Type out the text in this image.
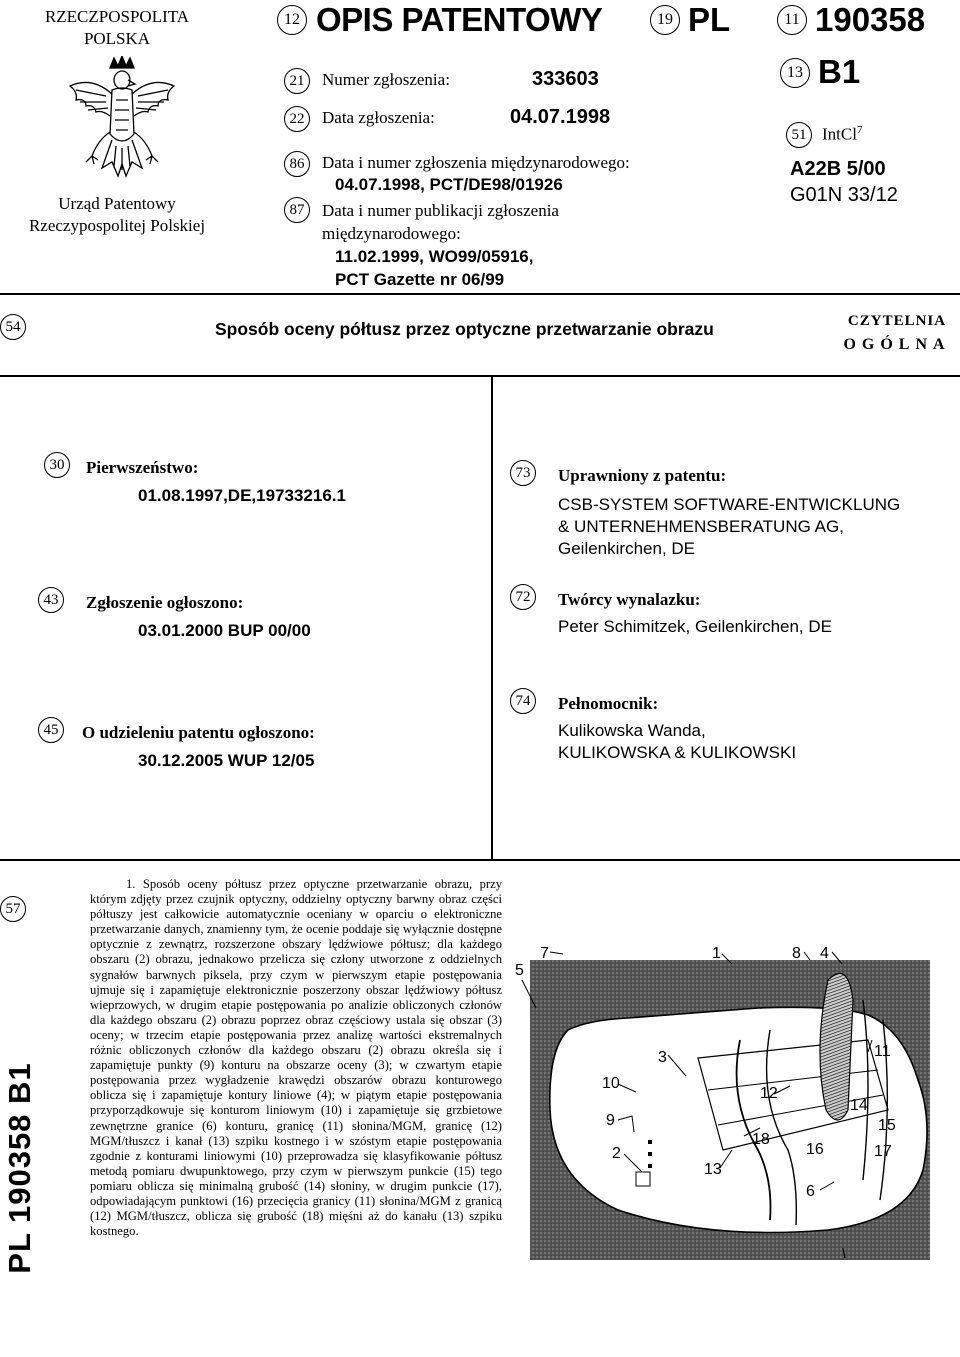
RZECZPOSPOLITA
POLSKA
Urząd Patentowy
Rzeczypospolitej Polskiej
12 OPIS PATENTOWY	19 PL	11 190358
21	Numer zgłoszenia:	333603
22	Data zgłoszenia:	04.07.1998
86	Data i numer zgłoszenia międzynarodowego:
04.07.1998, PCT/DE98/01926
87	Data i numer publikacji zgłoszenia
międzynarodowego:
11.02.1999, WO99/05916,
PCT Gazette nr 06/99
13 B1
51 IntCl$^7$
A22B 5/00
G01N 33/12
54	Sposób oceny półtusz przez optyczne przetwarzanie obrazu	CZYTELNIA
OGÓLNA
30	Pierwszeństwo:
01.08.1997,DE,19733216.1
43	Zgłoszenie ogłoszono:
03.01.2000 BUP 00/00
45	O udzieleniu patentu ogłoszono:
30.12.2005 WUP 12/05
73	Uprawniony z patentu:
CSB-SYSTEM SOFTWARE-ENTWICKLUNG
& UNTERNEHMENSBERATUNG AG,
Geilenkirchen, DE
72	Twórcy wynalazku:
Peter Schimitzek, Geilenkirchen, DE
74	Pełnomocnik:
Kulikowska Wanda,
KULIKOWSKA & KULIKOWSKI
57
PL 190358 B1

1. Sposób oceny półtusz przez optyczne przetwarzanie obrazu, przy którym zdjęty przez czujnik optyczny, oddzielny optyczny barwny obraz części półtuszy jest całkowicie automatycznie oceniany w oparciu o elektroniczne przetwarzanie danych, znamienny tym, że ocenie poddaje się wyłącznie dostępne optycznie z zewnątrz, rozszerzone obszary lędźwiowe półtusz; dla każdego obszaru (2) obrazu, jednakowo przelicza się człony utworzone z oddzielnych sygnałów barwnych piksela, przy czym w pierwszym etapie postępowania ujmuje się i zapamiętuje elektronicznie poszerzony obszar lędźwiowy półtusz wieprzowych, w drugim etapie postępowania po analizie obliczonych członów dla każdego obszaru (2) obrazu poprzez obraz częściowy ustala się obszar (3) oceny; w trzecim etapie postępowania przez analizę wartości ekstremalnych różnic obliczonych członów dla każdego obszaru (2) obrazu określa się i zapamiętuje punkty (9) konturu na obszarze oceny (3); w czwartym etapie postępowania przez wygładzenie krawędzi obszarów obrazu konturowego oblicza się i zapamiętuje kontury liniowe (4); w piątym etapie postępowania przyporządkowuje się konturom liniowym (10) i zapamiętuje się grzbietowe zewnętrzne granice (6) konturu, granicę (11) słonina/MGM, granicę (12) MGM/tłuszcz i kanał (13) szpiku kostnego i w szóstym etapie postępowania zgodnie z konturami liniowymi (10) przeprowadza się klasyfikowanie półtusz metodą pomiaru dwupunktowego, przy czym w pierwszym punkcie (15) tego pomiaru oblicza się minimalną grubość (14) słoniny, w drugim punkcie (17), odpowiadającym punktowi (16) przecięcia granicy (11) słonina/MGM z granicą (12) MGM/tłuszcz, oblicza się grubość (18) mięśni aż do kanału (13) szpiku kostnego.

1
2
3
4
5
6
7	8
9
10
11
12
13
14
15
16	17
18
